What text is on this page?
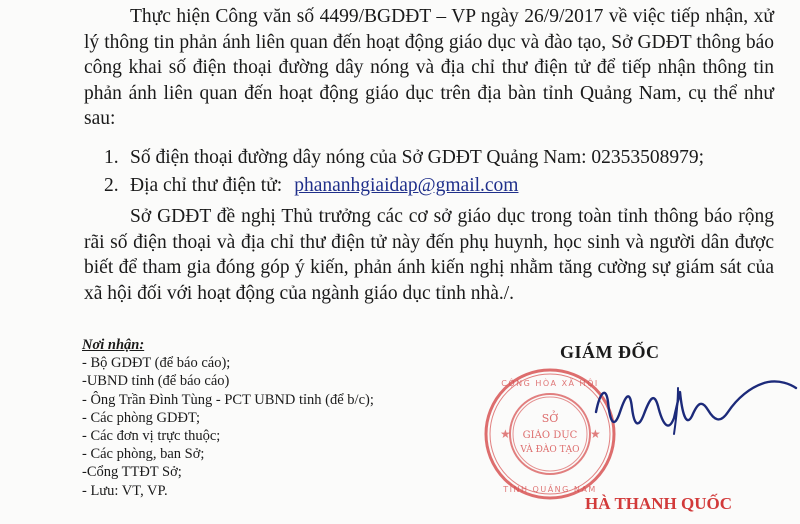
Thực hiện Công văn số 4499/BGDĐT – VP ngày 26/9/2017 về việc tiếp nhận, xử lý thông tin phản ánh liên quan đến hoạt động giáo dục và đào tạo, Sở GDĐT thông báo công khai số điện thoại đường dây nóng và địa chỉ thư điện tử để tiếp nhận thông tin phản ánh liên quan đến hoạt động giáo dục trên địa bàn tỉnh Quảng Nam, cụ thể như sau:

1. Số điện thoại đường dây nóng của Sở GDĐT Quảng Nam: 02353508979;
2. Địa chỉ thư điện tử: phananhgiaidap@gmail.com

Sở GDĐT đề nghị Thủ trưởng các cơ sở giáo dục trong toàn tỉnh thông báo rộng rãi số điện thoại và địa chỉ thư điện tử này đến phụ huynh, học sinh và người dân được biết để tham gia đóng góp ý kiến, phản ánh kiến nghị nhằm tăng cường sự giám sát của xã hội đối với hoạt động của ngành giáo dục tỉnh nhà./.

Nơi nhận:
- Bộ GDĐT (để báo cáo);
-UBND tỉnh (để báo cáo)
- Ông Trần Đình Tùng - PCT UBND tỉnh (để b/c);
- Các phòng GDĐT;
- Các đơn vị trực thuộc;
- Các phòng, ban Sở;
-Cổng TTĐT Sở;
- Lưu: VT, VP.
GIÁM ĐỐC
CỘNG HÒA XÃ HỘI
TỈNH QUẢNG NAM
SỞ
GIÁO DỤC
VÀ ĐÀO TẠO
★	★
HÀ THANH QUỐC
